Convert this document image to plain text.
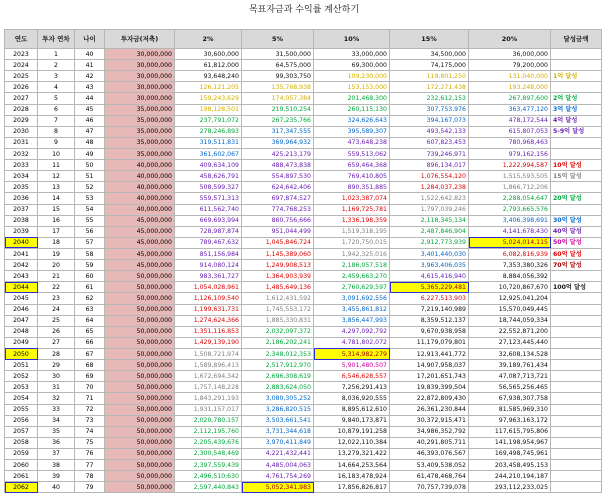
목표자금과 수익률 계산하기
연도	투자 연차	나이	투자금(저축)	2%	5%	10%	15%	20%	달성금액
2023	1	40	30,000,000	30,600,000	31,500,000	33,000,000	34,500,000	36,000,000	
2024	2	41	30,000,000	61,812,000	64,575,000	69,300,000	74,175,000	79,200,000	
2025	3	42	30,000,000	93,648,240	99,303,750	109,230,000	119,801,250	131,040,000	1억 달성
2026	4	43	30,000,000	126,121,205	135,768,938	153,153,000	172,271,438	193,248,000	
2027	5	44	30,000,000	159,243,629	174,057,384	201,468,300	232,612,153	267,897,600	2억 달성
2028	6	45	35,000,000	198,128,501	219,510,254	260,115,130	307,753,976	363,477,120	3억 달성
2029	7	46	35,000,000	237,791,072	267,235,766	324,626,643	394,167,073	478,172,544	4억 달성
2030	8	47	35,000,000	278,246,893	317,347,555	395,589,307	493,542,133	615,807,053	5-9억 달성
2031	9	48	35,000,000	319,511,831	369,964,932	473,648,238	607,823,453	780,968,463	
2032	10	49	35,000,000	361,602,067	425,213,179	559,513,062	739,246,971	979,162,156	
2033	11	50	40,000,000	409,634,109	488,473,838	659,464,368	896,134,017	1,222,994,587	10억 달성
2034	12	51	40,000,000	458,626,791	554,897,530	769,410,805	1,076,554,120	1,515,593,505	15억 달성
2035	13	52	40,000,000	508,599,327	624,642,406	890,351,885	1,284,037,238	1,866,712,206	
2036	14	53	40,000,000	559,571,313	697,874,527	1,023,387,074	1,522,642,823	2,288,054,647	20억 달성
2037	15	54	40,000,000	611,562,740	774,768,253	1,169,725,781	1,797,039,246	2,793,665,576	
2038	16	55	45,000,000	669,693,994	860,756,666	1,336,198,359	2,118,345,134	3,406,398,691	30억 달성
2039	17	56	45,000,000	728,987,874	951,044,499	1,519,318,195	2,487,846,904	4,141,678,430	40억 달성
2040	18	57	45,000,000	789,467,632	1,045,846,724	1,720,750,015	2,912,773,939	5,024,014,115	50억 달성
2041	19	58	45,000,000	851,156,984	1,145,389,060	1,942,325,016	3,401,440,030	6,082,816,939	60억 달성
2042	20	59	45,000,000	914,080,124	1,249,908,513	2,186,057,518	3,963,406,035	7,353,380,326	70억 달성
2043	21	60	50,000,000	983,361,727	1,364,903,939	2,459,663,270	4,615,416,940	8,884,056,392	
2044	22	61	50,000,000	1,054,028,961	1,485,649,136	2,760,629,597	5,365,229,481	10,720,867,670	100억 달성
2045	23	62	50,000,000	1,126,109,540	1,612,431,592	3,091,692,556	6,227,513,903	12,925,041,204	
2046	24	63	50,000,000	1,199,631,731	1,745,553,172	3,455,861,812	7,219,140,989	15,570,049,445	
2047	25	64	50,000,000	1,274,624,366	1,885,330,831	3,856,447,993	8,359,512,137	18,744,059,334	
2048	26	65	50,000,000	1,351,116,853	2,032,097,372	4,297,092,792	9,670,938,958	22,552,871,200	
2049	27	66	50,000,000	1,429,139,190	2,186,202,241	4,781,802,072	11,179,079,801	27,123,445,440	
2050	28	67	50,000,000	1,508,721,974	2,348,012,353	5,314,982,279	12,913,441,772	32,608,134,528	
2051	29	68	50,000,000	1,589,896,413	2,517,912,970	5,901,480,507	14,907,958,037	39,189,761,434	
2052	30	69	50,000,000	1,672,694,342	2,696,308,619	6,546,628,557	17,201,651,743	47,087,713,721	
2053	31	70	50,000,000	1,757,148,228	2,883,624,050	7,256,291,413	19,839,399,504	56,565,256,465	
2054	32	71	50,000,000	1,843,291,193	3,080,305,252	8,036,920,555	22,872,809,430	67,938,307,758	
2055	33	72	50,000,000	1,931,157,017	3,286,820,515	8,895,612,610	26,361,230,844	81,585,969,310	
2056	34	73	50,000,000	2,020,780,157	3,503,661,541	9,840,173,871	30,372,915,471	97,963,163,172	
2057	35	74	50,000,000	2,112,195,760	3,731,344,618	10,879,191,258	34,986,352,792	117,615,795,806	
2058	36	75	50,000,000	2,205,439,676	3,970,411,849	12,022,110,384	40,291,805,711	141,198,954,967	
2059	37	76	50,000,000	2,300,548,469	4,221,432,441	13,279,321,422	46,393,076,567	169,498,745,961	
2060	38	77	50,000,000	2,397,559,439	4,485,004,063	14,664,253,564	53,409,538,052	203,458,495,153	
2061	39	78	50,000,000	2,496,510,630	4,761,754,269	16,183,478,924	61,478,468,764	244,210,194,187	
2062	40	79	50,000,000	2,597,440,843	5,052,341,983	17,856,826,817	70,757,739,078	293,112,233,025	
